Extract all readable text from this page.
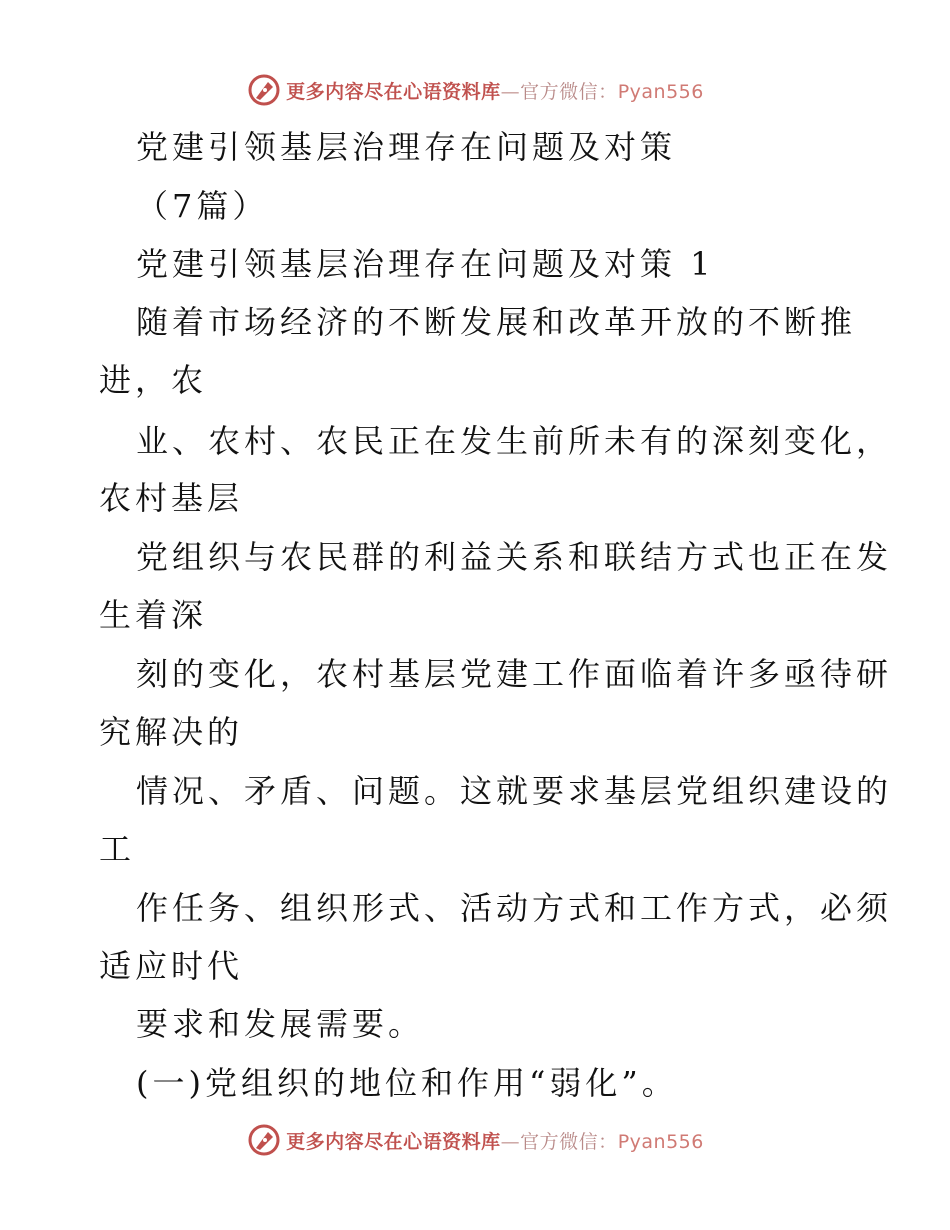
更多内容尽在心语资料库—官方微信：Pyan556
党建引领基层治理存在问题及对策
（7篇）
党建引领基层治理存在问题及对策 1
随着市场经济的不断发展和改革开放的不断推
进，农
业、农村、农民正在发生前所未有的深刻变化，
农村基层
党组织与农民群的利益关系和联结方式也正在发
生着深
刻的变化，农村基层党建工作面临着许多亟待研
究解决的
情况、矛盾、问题。这就要求基层党组织建设的
工
作任务、组织形式、活动方式和工作方式，必须
适应时代
要求和发展需要。
(一)党组织的地位和作用“弱化”。
更多内容尽在心语资料库—官方微信：Pyan556
